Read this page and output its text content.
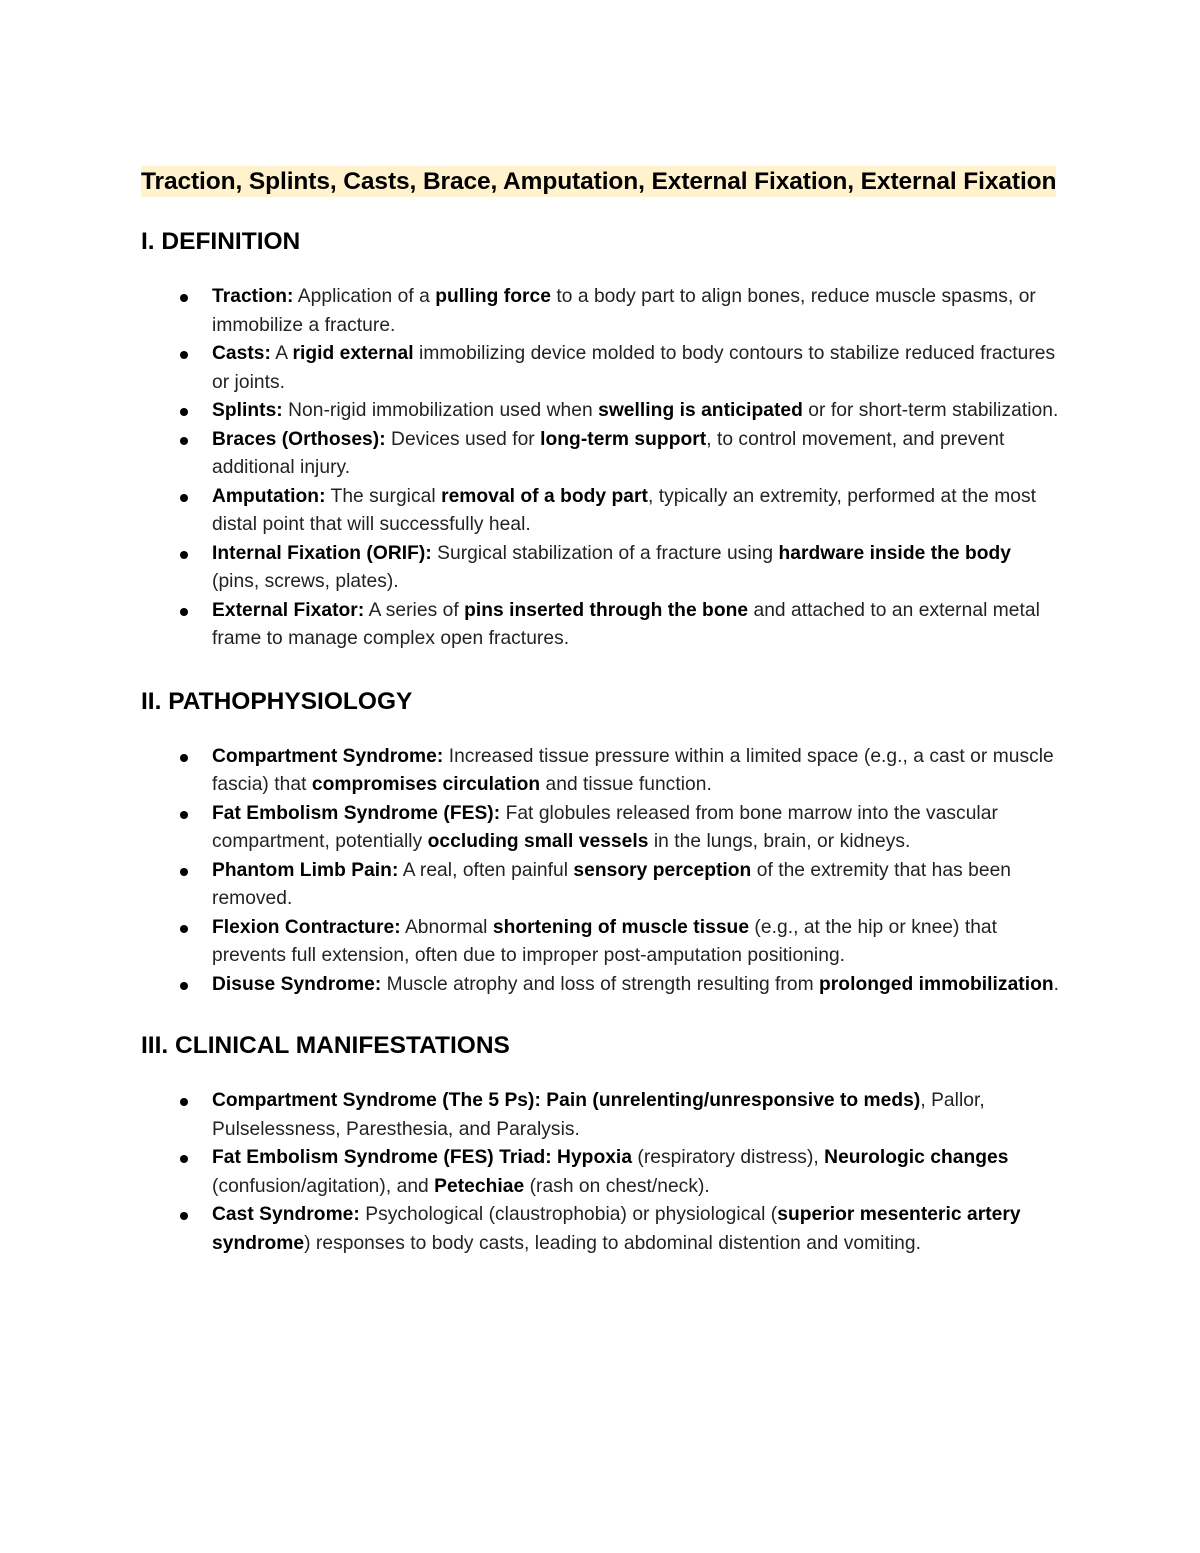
Traction, Splints, Casts, Brace, Amputation, External Fixation, External Fixation
I. DEFINITION
Traction: Application of a pulling force to a body part to align bones, reduce muscle spasms, or immobilize a fracture.
Casts: A rigid external immobilizing device molded to body contours to stabilize reduced fractures or joints.
Splints: Non-rigid immobilization used when swelling is anticipated or for short-term stabilization.
Braces (Orthoses): Devices used for long-term support, to control movement, and prevent additional injury.
Amputation: The surgical removal of a body part, typically an extremity, performed at the most distal point that will successfully heal.
Internal Fixation (ORIF): Surgical stabilization of a fracture using hardware inside the body (pins, screws, plates).
External Fixator: A series of pins inserted through the bone and attached to an external metal frame to manage complex open fractures.
II. PATHOPHYSIOLOGY
Compartment Syndrome: Increased tissue pressure within a limited space (e.g., a cast or muscle fascia) that compromises circulation and tissue function.
Fat Embolism Syndrome (FES): Fat globules released from bone marrow into the vascular compartment, potentially occluding small vessels in the lungs, brain, or kidneys.
Phantom Limb Pain: A real, often painful sensory perception of the extremity that has been removed.
Flexion Contracture: Abnormal shortening of muscle tissue (e.g., at the hip or knee) that prevents full extension, often due to improper post-amputation positioning.
Disuse Syndrome: Muscle atrophy and loss of strength resulting from prolonged immobilization.
III. CLINICAL MANIFESTATIONS
Compartment Syndrome (The 5 Ps): Pain (unrelenting/unresponsive to meds), Pallor, Pulselessness, Paresthesia, and Paralysis.
Fat Embolism Syndrome (FES) Triad: Hypoxia (respiratory distress), Neurologic changes (confusion/agitation), and Petechiae (rash on chest/neck).
Cast Syndrome: Psychological (claustrophobia) or physiological (superior mesenteric artery syndrome) responses to body casts, leading to abdominal distention and vomiting.
